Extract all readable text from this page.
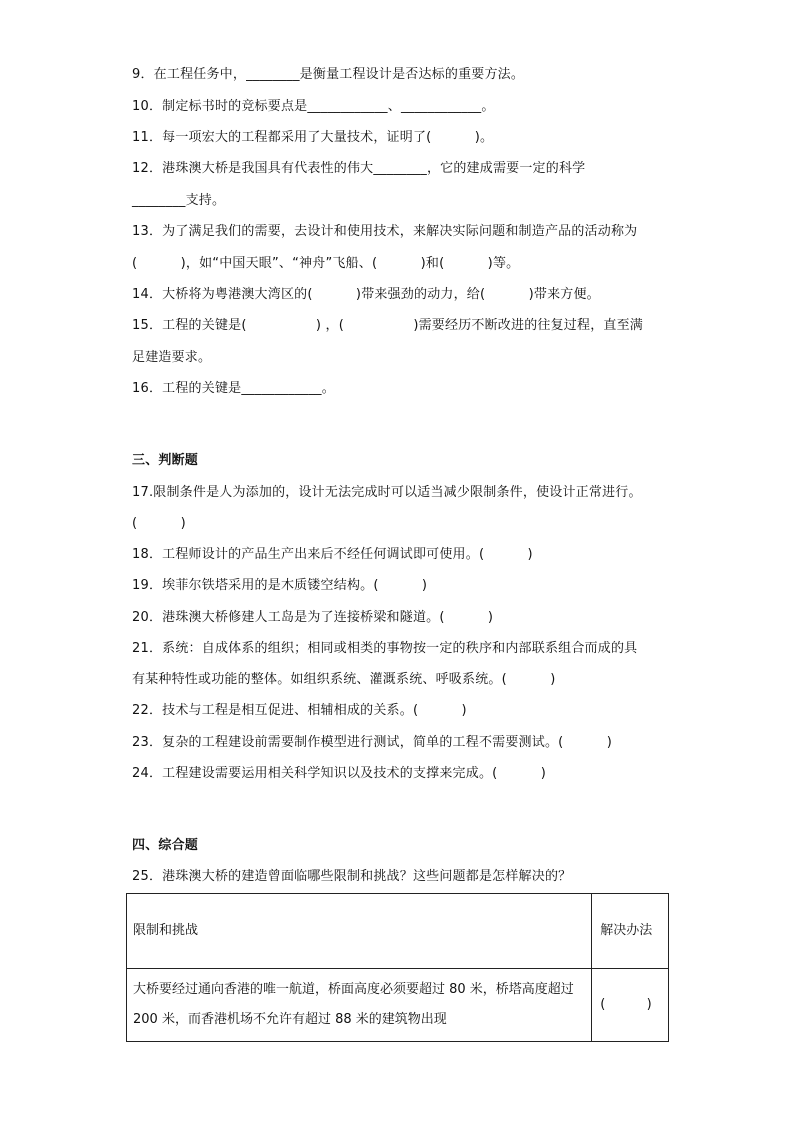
9．在工程任务中，________是衡量工程设计是否达标的重要方法。
10．制定标书时的竞标要点是____________、____________。
11．每一项宏大的工程都采用了大量技术，证明了(          )。
12．港珠澳大桥是我国具有代表性的伟大________，它的建成需要一定的科学
________支持。
13．为了满足我们的需要，去设计和使用技术，来解决实际问题和制造产品的活动称为
(          )，如“中国天眼”、“神舟”飞船、(          )和(          )等。
14．大桥将为粤港澳大湾区的(          )带来强劲的动力，给(          )带来方便。
15．工程的关键是(                ) ，(                )需要经历不断改进的往复过程，直至满
足建造要求。
16．工程的关键是____________。
三、判断题
17.限制条件是人为添加的，设计无法完成时可以适当减少限制条件，使设计正常进行。
(          )
18．工程师设计的产品生产出来后不经任何调试即可使用。(          )
19．埃菲尔铁塔采用的是木质镂空结构。(          )
20．港珠澳大桥修建人工岛是为了连接桥梁和隧道。(          )
21．系统：自成体系的组织；相同或相类的事物按一定的秩序和内部联系组合而成的具
有某种特性或功能的整体。如组织系统、灌溉系统、呼吸系统。(          )
22．技术与工程是相互促进、相辅相成的关系。(          )
23．复杂的工程建设前需要制作模型进行测试，简单的工程不需要测试。(          )
24．工程建设需要运用相关科学知识以及技术的支撑来完成。(          )
四、综合题
25．港珠澳大桥的建造曾面临哪些限制和挑战？这些问题都是怎样解决的？
限制和挑战	解决办法
大桥要经过通向香港的唯一航道，桥面高度必须要超过 80 米，桥塔高度超过 200 米，而香港机场不允许有超过 88 米的建筑物出现	(          )
